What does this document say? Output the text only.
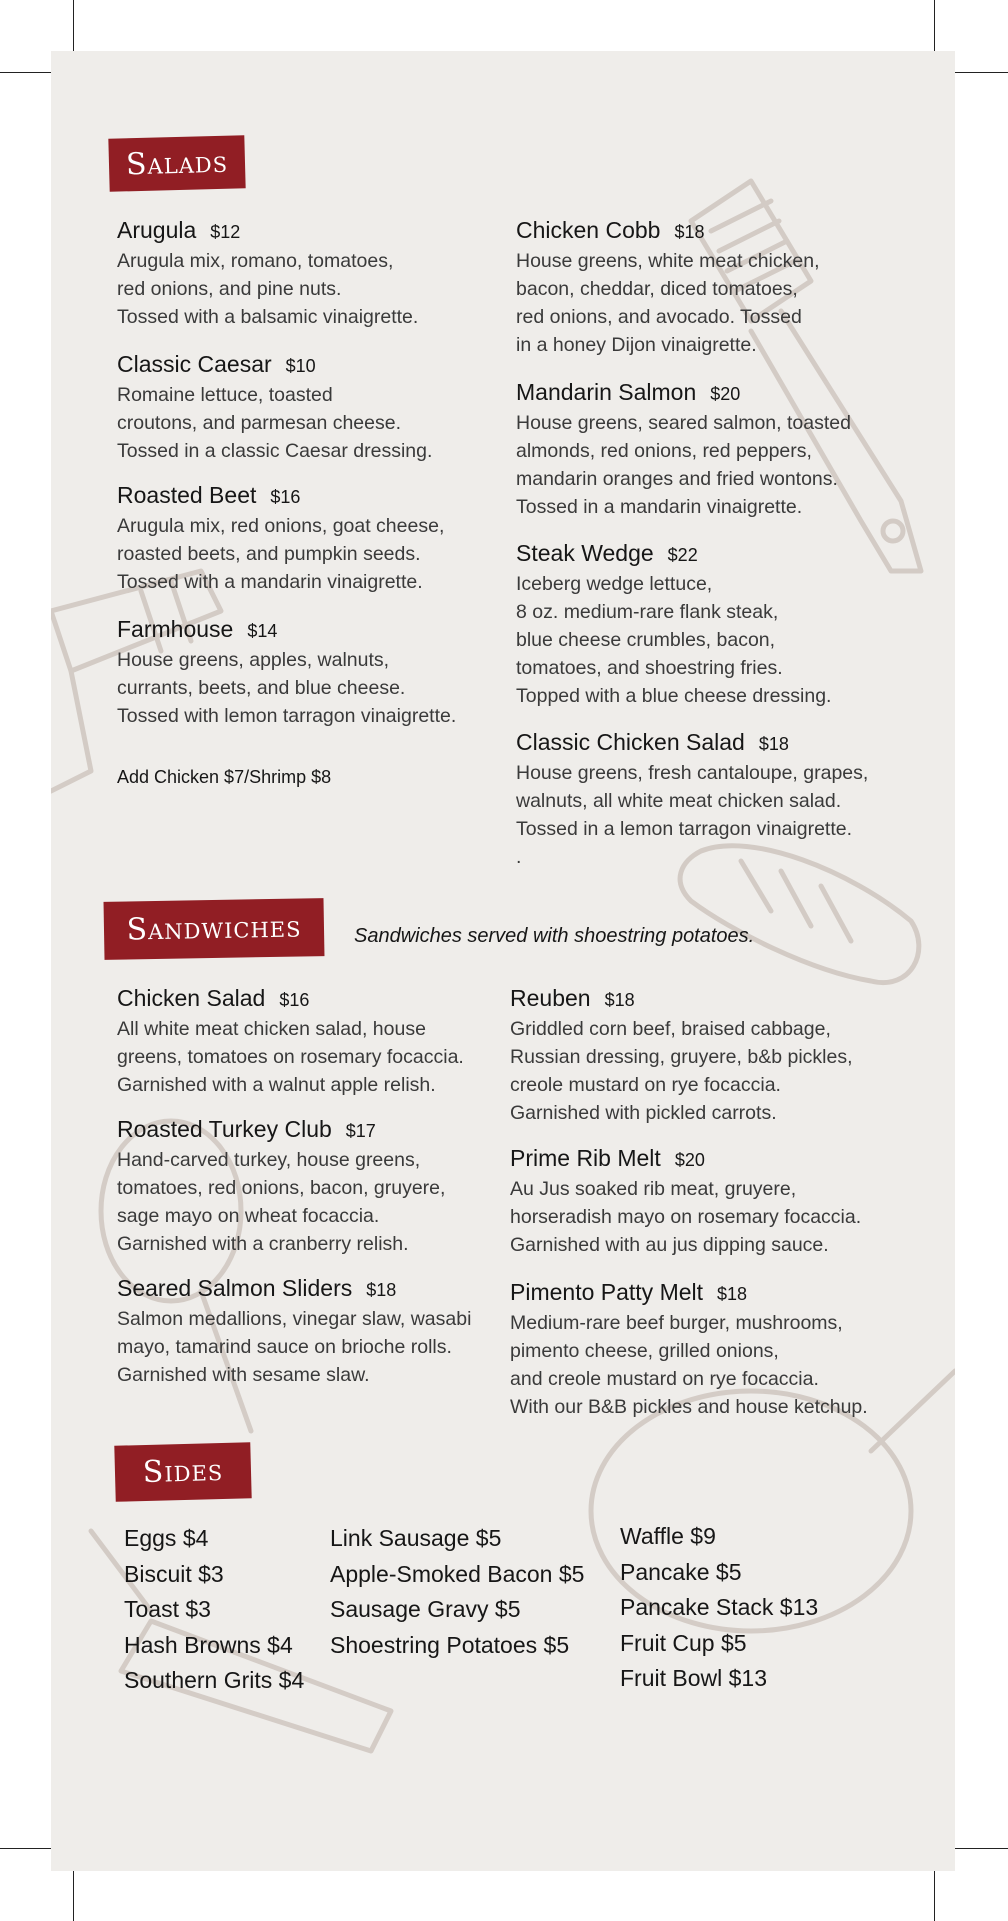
Salads
Arugula $12
Arugula mix, romano, tomatoes,
red onions, and pine nuts.
Tossed with a balsamic vinaigrette.
Classic Caesar $10
Romaine lettuce, toasted
croutons, and parmesan cheese.
Tossed in a classic Caesar dressing.
Roasted Beet $16
Arugula mix, red onions, goat cheese,
roasted beets, and pumpkin seeds.
Tossed with a mandarin vinaigrette.
Farmhouse $14
House greens, apples, walnuts,
currants, beets, and blue cheese.
Tossed with lemon tarragon vinaigrette.
Add Chicken $7/Shrimp $8
Chicken Cobb $18
House greens, white meat chicken,
bacon, cheddar, diced tomatoes,
red onions, and avocado. Tossed
in a honey Dijon vinaigrette.
Mandarin Salmon $20
House greens, seared salmon, toasted
almonds, red onions, red peppers,
mandarin oranges and fried wontons.
Tossed in a mandarin vinaigrette.
Steak Wedge $22
Iceberg wedge lettuce,
8 oz. medium-rare flank steak,
blue cheese crumbles, bacon,
tomatoes, and shoestring fries.
Topped with a blue cheese dressing.
Classic Chicken Salad $18
House greens, fresh cantaloupe, grapes,
walnuts, all white meat chicken salad.
Tossed in a lemon tarragon vinaigrette.
.
Sandwiches	Sandwiches served with shoestring potatoes.
Chicken Salad $16
All white meat chicken salad, house
greens, tomatoes on rosemary focaccia.
Garnished with a walnut apple relish.
Roasted Turkey Club $17
Hand-carved turkey, house greens,
tomatoes, red onions, bacon, gruyere,
sage mayo on wheat focaccia.
Garnished with a cranberry relish.
Seared Salmon Sliders $18
Salmon medallions, vinegar slaw, wasabi
mayo, tamarind sauce on brioche rolls.
Garnished with sesame slaw.
Reuben $18
Griddled corn beef, braised cabbage,
Russian dressing, gruyere, b&b pickles,
creole mustard on rye focaccia.
Garnished with pickled carrots.
Prime Rib Melt $20
Au Jus soaked rib meat, gruyere,
horseradish mayo on rosemary focaccia.
Garnished with au jus dipping sauce.
Pimento Patty Melt $18
Medium-rare beef burger, mushrooms,
pimento cheese, grilled onions,
and creole mustard on rye focaccia.
With our B&B pickles and house ketchup.
Sides
Eggs $4
Biscuit $3
Toast $3
Hash Browns $4
Southern Grits $4
Link Sausage $5
Apple-Smoked Bacon $5
Sausage Gravy $5
Shoestring Potatoes $5
Waffle $9
Pancake $5
Pancake Stack $13
Fruit Cup $5
Fruit Bowl $13
